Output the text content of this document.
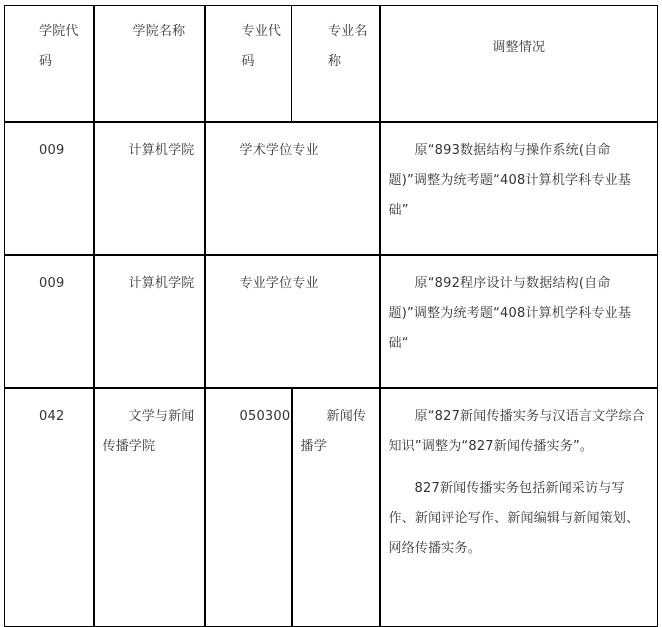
学院代码	学院名称	专业代码	专业名称	调整情况
009	计算机学院	学术学位专业		原“893数据结构与操作系统(自命题)”调整为统考题“408计算机学科专业基础”

009	计算机学院	专业学位专业		原“892程序设计与数据结构(自命题)”调整为统考题“408计算机学科专业基础“

042	文学与新闻传播学院	050300	新闻传播学	原“827新闻传播实务与汉语言文学综合知识”调整为“827新闻传播实务”。

827新闻传播实务包括新闻采访与写作、新闻评论写作、新闻编辑与新闻策划、网络传播实务。
